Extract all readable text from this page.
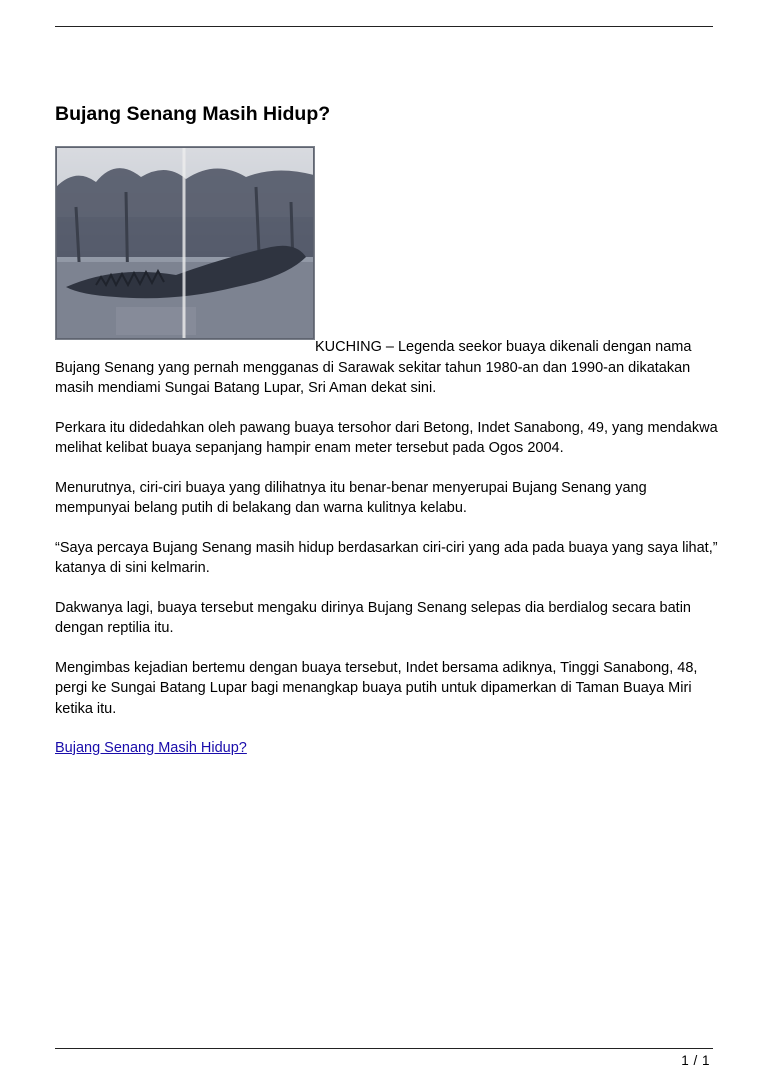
Bujang Senang Masih Hidup?
KUCHING – Legenda seekor buaya dikenali dengan nama Bujang Senang yang pernah mengganas di Sarawak sekitar tahun 1980-an dan 1990-an dikatakan masih mendiami Sungai Batang Lupar, Sri Aman dekat sini.

Perkara itu didedahkan oleh pawang buaya tersohor dari Betong, Indet Sanabong, 49, yang mendakwa melihat kelibat buaya sepanjang hampir enam meter tersebut pada Ogos 2004.

Menurutnya, ciri-ciri buaya yang dilihatnya itu benar-benar menyerupai Bujang Senang yang mempunyai belang putih di belakang dan warna kulitnya kelabu.

“Saya percaya Bujang Senang masih hidup berdasarkan ciri-ciri yang ada pada buaya yang saya lihat,” katanya di sini kelmarin.

Dakwanya lagi, buaya tersebut mengaku dirinya Bujang Senang selepas dia berdialog secara batin dengan reptilia itu.

Mengimbas kejadian bertemu dengan buaya tersebut, Indet bersama adiknya, Tinggi Sanabong, 48, pergi ke Sungai Batang Lupar bagi menangkap buaya putih untuk dipamerkan di Taman Buaya Miri ketika itu.

Bujang Senang Masih Hidup?
1 / 1
